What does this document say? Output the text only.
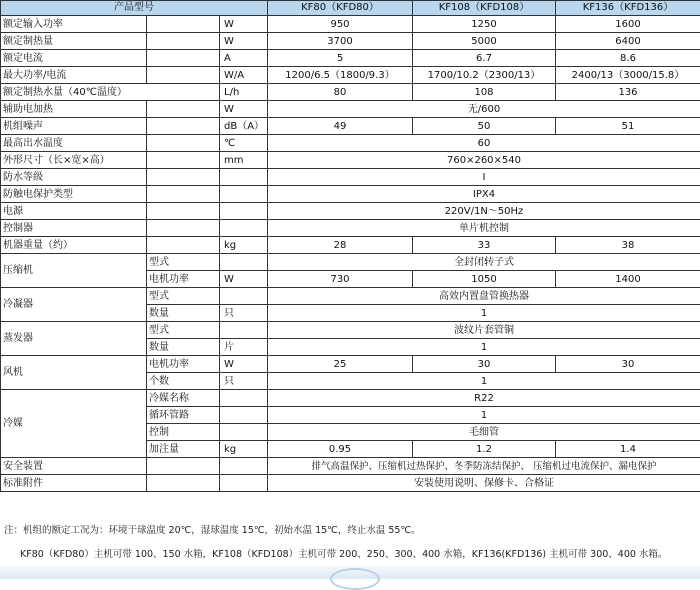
产品型号			KF80（KFD80）	KF108（KFD108）	KF136（KFD136）
额定输入功率		W	950	1250	1600
额定制热量		W	3700	5000	6400
额定电流		A	5	6.7	8.6
最大功率/电流		W/A	1200/6.5（1800/9.3）	1700/10.2（2300/13）	2400/13（3000/15.8）
额定制热水量（40℃温度）		L/h	80	108	136
辅助电加热		W	无/600		
机组噪声		dB（A）	49	50	51
最高出水温度		℃	60		
外形尺寸（长×宽×高）		mm	760×260×540		
防水等级			I		
防触电保护类型			IPX4		
电源			220V/1N～50Hz		
控制器			单片机控制		
机器重量（约）		kg	28	33	38
压缩机	型式		全封闭转子式		
	电机功率	W	730	1050	1400
冷凝器	型式		高效内置盘管换热器		
	数量	只	1		
蒸发器	型式		波纹片套管铜		
	数量	片	1		
风机	电机功率	W	25	30	30
	个数	只	1		
冷媒	冷媒名称		R22		
	循环管路		1		
	控制		毛细管		
	加注量	kg	0.95	1.2	1.4
安全装置			排气高温保护、压缩机过热保护、冬季防冻结保护、 压缩机过电流保护、漏电保护		
标准附件			安装使用说明、保修卡、合格证		
注：机组的额定工况为：环境干球温度 20℃，湿球温度 15℃，初始水温 15℃，终止水温 55℃。
KF80（KFD80）主机可带 100、150 水箱，KF108（KFD108）主机可带 200、250、300、400 水箱，KF136(KFD136) 主机可带 300、400 水箱。
